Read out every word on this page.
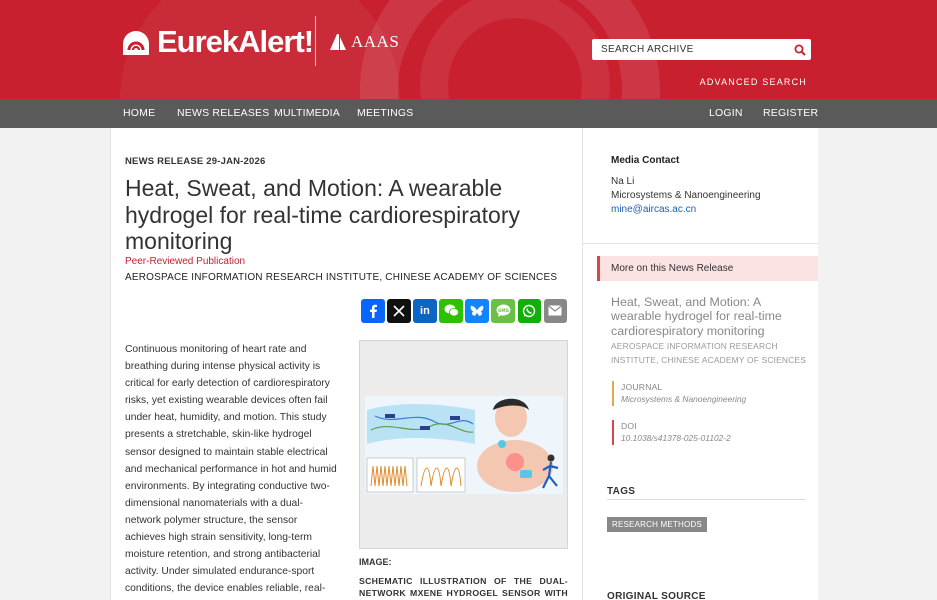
EurekAlert! AAAS	SEARCH ARCHIVE
ADVANCED SEARCH
HOME NEWS RELEASES MULTIMEDIA MEETINGS	LOGIN REGISTER
NEWS RELEASE 29-JAN-2026
Heat, Sweat, and Motion: A wearable hydrogel for real-time cardiorespiratory monitoring
Peer-Reviewed Publication
AEROSPACE INFORMATION RESEARCH INSTITUTE, CHINESE ACADEMY OF SCIENCES
in	SMS
Continuous monitoring of heart rate and breathing during intense physical activity is critical for early detection of cardiorespiratory risks, yet existing wearable devices often fail under heat, humidity, and motion. This study presents a stretchable, skin-like hydrogel sensor designed to maintain stable electrical and mechanical performance in hot and humid environments. By integrating conductive two-dimensional nanomaterials with a dual-network polymer structure, the sensor achieves high strain sensitivity, long-term moisture retention, and strong antibacterial activity. Under simulated endurance-sport conditions, the device enables reliable, real-
IMAGE:
SCHEMATIC ILLUSTRATION OF THE DUAL-NETWORK MXENE HYDROGEL SENSOR WITH
Media Contact
Na Li
Microsystems & Nanoengineering
mine@aircas.ac.cn
More on this News Release
Heat, Sweat, and Motion: A wearable hydrogel for real-time cardiorespiratory monitoring
AEROSPACE INFORMATION RESEARCH INSTITUTE, CHINESE ACADEMY OF SCIENCES
JOURNAL
Microsystems & Nanoengineering
DOI
10.1038/s41378-025-01102-2
TAGS
RESEARCH METHODS
ORIGINAL SOURCE
